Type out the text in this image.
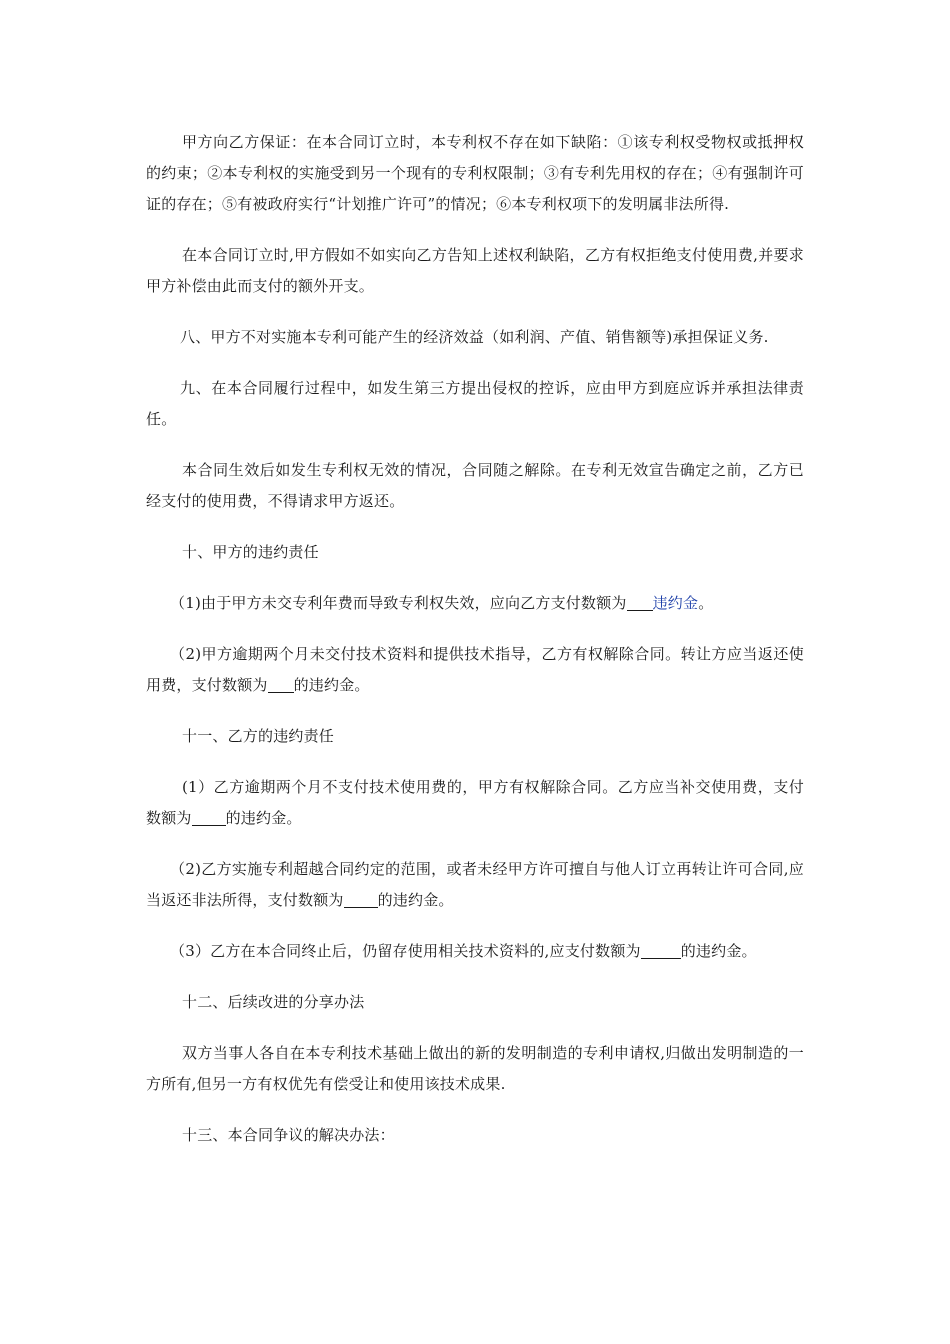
甲方向乙方保证：在本合同订立时，本专利权不存在如下缺陷：①该专利权受物权或抵押权的约束；②本专利权的实施受到另一个现有的专利权限制；③有专利先用权的存在；④有强制许可证的存在；⑤有被政府实行“计划推广许可”的情况；⑥本专利权项下的发明属非法所得.

在本合同订立时,甲方假如不如实向乙方告知上述权利缺陷，乙方有权拒绝支付使用费,并要求甲方补偿由此而支付的额外开支。

八、甲方不对实施本专利可能产生的经济效益（如利润、产值、销售额等)承担保证义务.

九、在本合同履行过程中，如发生第三方提出侵权的控诉，应由甲方到庭应诉并承担法律责任。

本合同生效后如发生专利权无效的情况，合同随之解除。在专利无效宣告确定之前，乙方已经支付的使用费，不得请求甲方返还。

十、甲方的违约责任

（1)由于甲方未交专利年费而导致专利权失效，应向乙方支付数额为 违约金。

（2)甲方逾期两个月未交付技术资料和提供技术指导，乙方有权解除合同。转让方应当返还使用费，支付数额为 的违约金。

十一、乙方的违约责任

(1）乙方逾期两个月不支付技术使用费的，甲方有权解除合同。乙方应当补交使用费，支付数额为 的违约金。

（2)乙方实施专利超越合同约定的范围，或者未经甲方许可擅自与他人订立再转让许可合同,应当返还非法所得，支付数额为 的违约金。

（3）乙方在本合同终止后，仍留存使用相关技术资料的,应支付数额为	的违约金。

十二、后续改进的分享办法

双方当事人各自在本专利技术基础上做出的新的发明制造的专利申请权,归做出发明制造的一方所有,但另一方有权优先有偿受让和使用该技术成果.

十三、本合同争议的解决办法：
